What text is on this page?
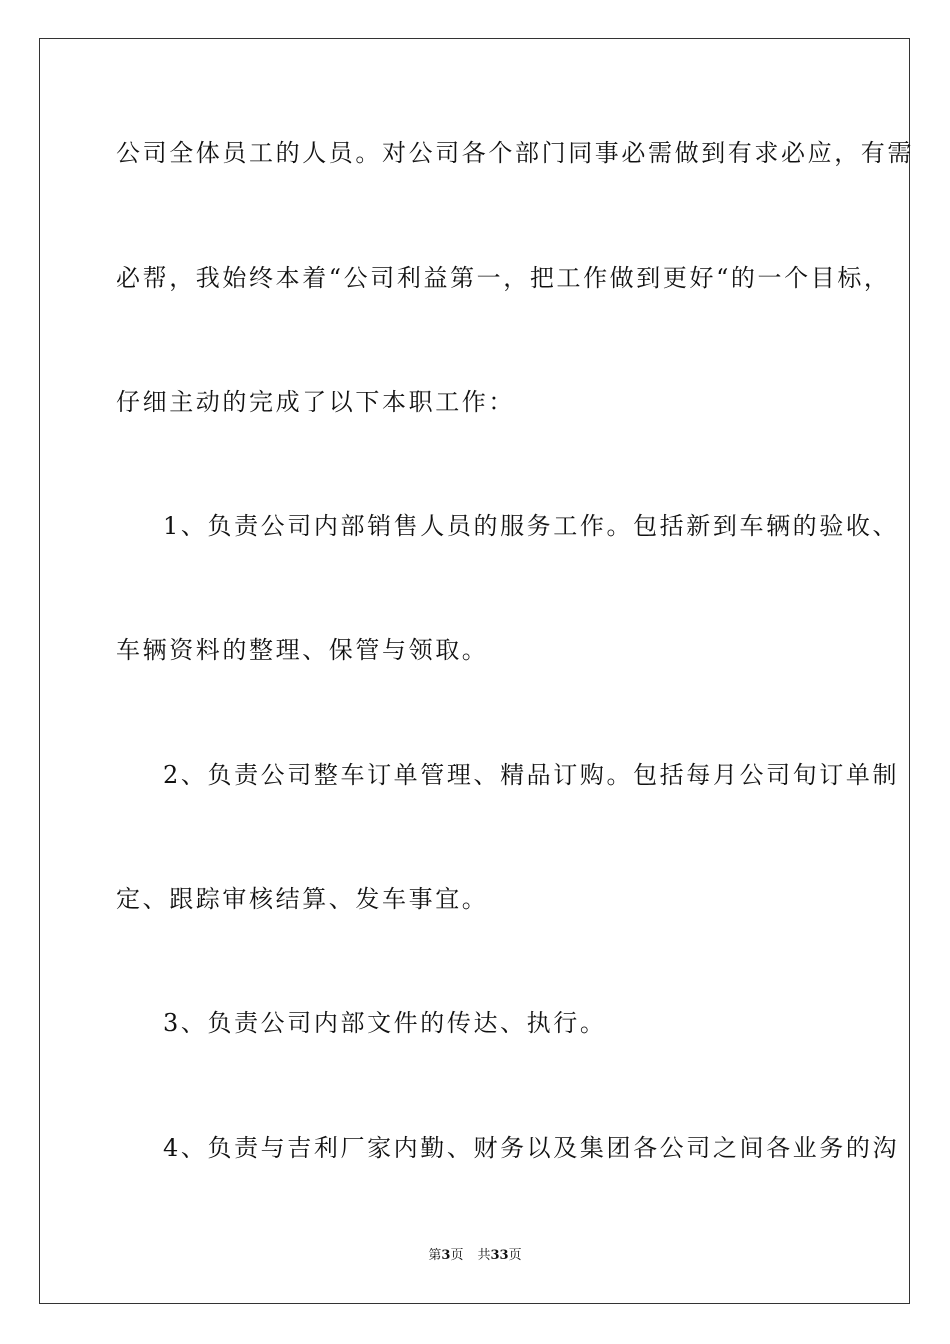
公司全体员工的人员。对公司各个部门同事必需做到有求必应，有需
必帮，我始终本着“公司利益第一，把工作做到更好“的一个目标，
仔细主动的完成了以下本职工作：
1、负责公司内部销售人员的服务工作。包括新到车辆的验收、
车辆资料的整理、保管与领取。
2、负责公司整车订单管理、精品订购。包括每月公司旬订单制
定、跟踪审核结算、发车事宜。
3、负责公司内部文件的传达、执行。
4、负责与吉利厂家内勤、财务以及集团各公司之间各业务的沟
第3页 共33页
